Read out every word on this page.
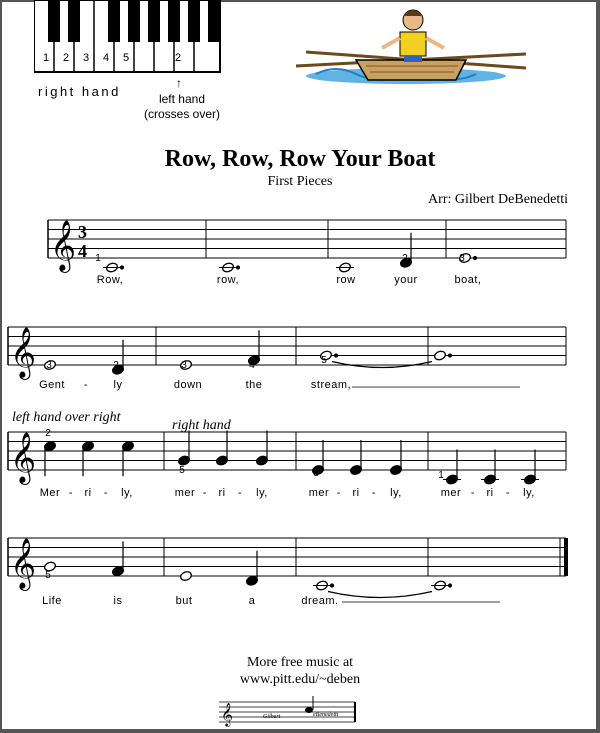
1 2 3 4 5	2
right hand
↑
left hand
(crosses over)
Row, Row, Row Your Boat
First Pieces
Arr: Gilbert DeBenedetti
𝄞 3
4
𝄞
𝄞
𝄞
1	2	3
Row,	row,	row	your	boat,
3	2	3	4	5
Gent - ly	down	the	stream,
left hand over right
right hand
2
5	3	1
Mer - ri - ly,	mer - ri - ly,	mer - ri - ly,	mer - ri - ly,
5
Life	is	but	a	dream.
More free music at
www.pitt.edu/~deben
𝄞	Gilbert	eBenedetti
